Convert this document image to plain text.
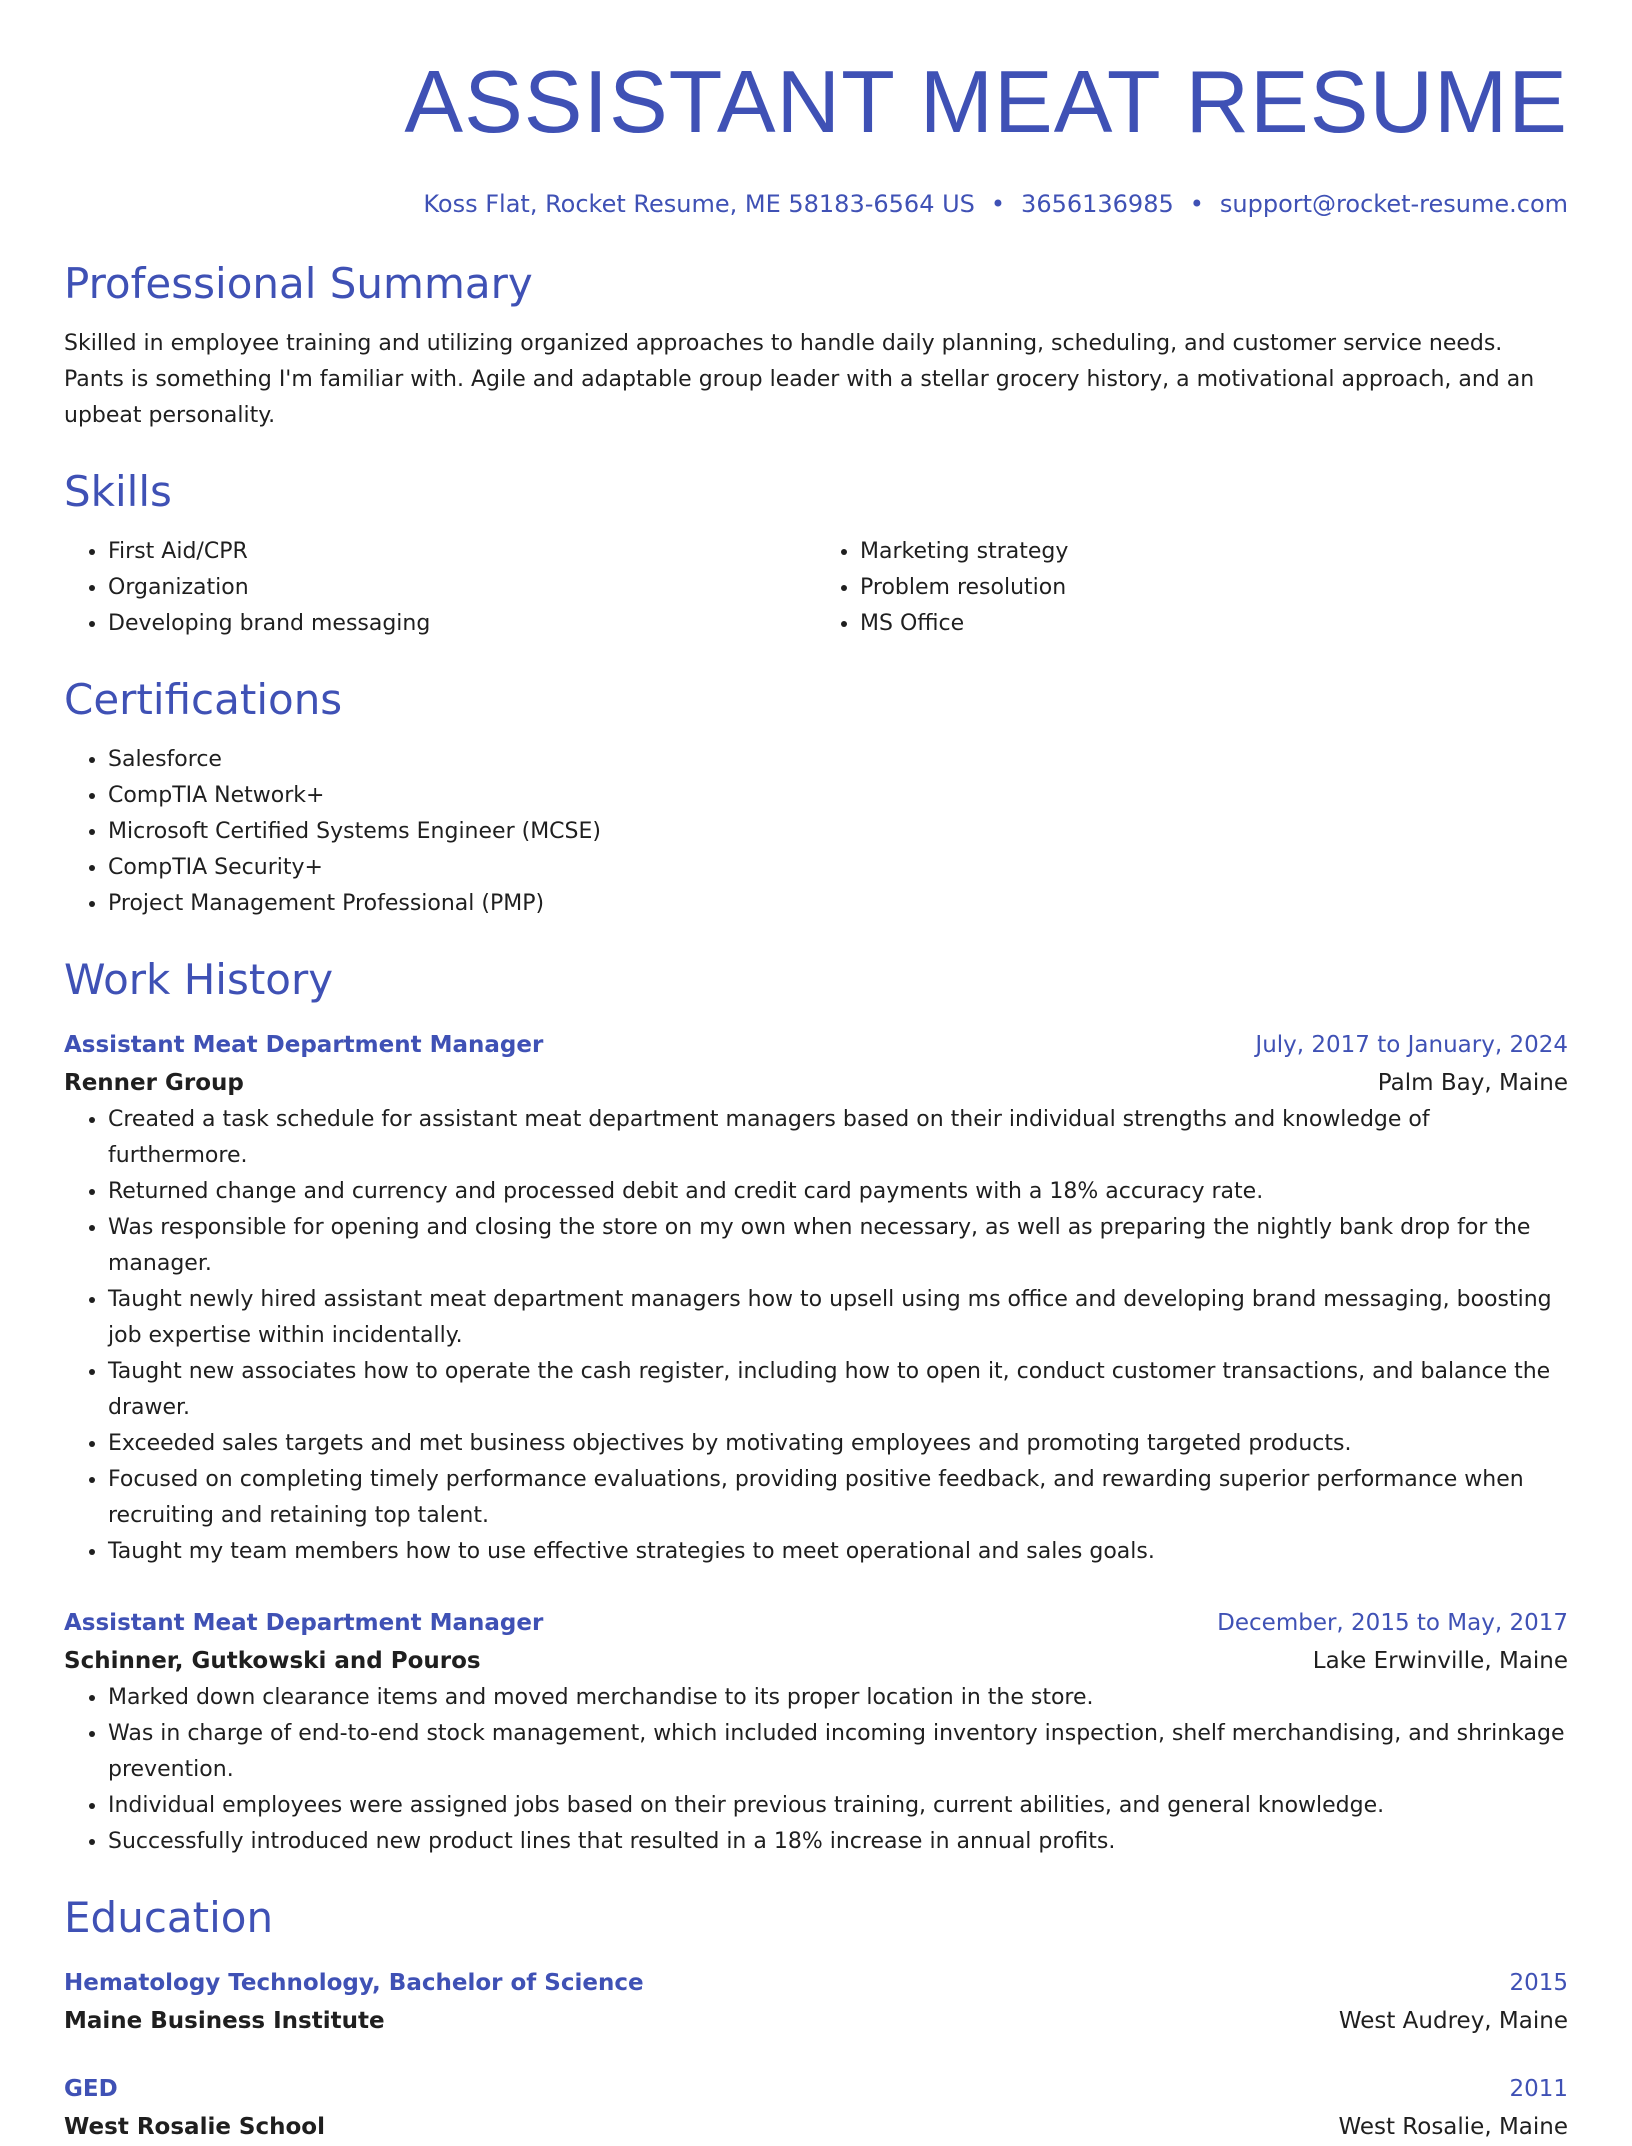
ASSISTANT MEAT RESUME
Koss Flat, Rocket Resume, ME 58183-6564 US • 3656136985 • support@rocket-resume.com
Professional Summary

Skilled in employee training and utilizing organized approaches to handle daily planning, scheduling, and customer service needs. Pants is something I'm familiar with. Agile and adaptable group leader with a stellar grocery history, a motivational approach, and an upbeat personality.

Skills
• First Aid/CPR
• Organization
• Developing brand messaging
• Marketing strategy
• Problem resolution
• MS Office
Certifications
• Salesforce
• CompTIA Network+
• Microsoft Certified Systems Engineer (MCSE)
• CompTIA Security+
• Project Management Professional (PMP)
Work History
Assistant Meat Department Manager	July, 2017 to January, 2024
Renner Group	Palm Bay, Maine
• Created a task schedule for assistant meat department managers based on their individual strengths and knowledge of furthermore.
• Returned change and currency and processed debit and credit card payments with a 18% accuracy rate.
• Was responsible for opening and closing the store on my own when necessary, as well as preparing the nightly bank drop for the manager.
• Taught newly hired assistant meat department managers how to upsell using ms office and developing brand messaging, boosting job expertise within incidentally.
• Taught new associates how to operate the cash register, including how to open it, conduct customer transactions, and balance the drawer.
• Exceeded sales targets and met business objectives by motivating employees and promoting targeted products.
• Focused on completing timely performance evaluations, providing positive feedback, and rewarding superior performance when recruiting and retaining top talent.
• Taught my team members how to use effective strategies to meet operational and sales goals.
Assistant Meat Department Manager	December, 2015 to May, 2017
Schinner, Gutkowski and Pouros	Lake Erwinville, Maine
• Marked down clearance items and moved merchandise to its proper location in the store.
• Was in charge of end-to-end stock management, which included incoming inventory inspection, shelf merchandising, and shrinkage prevention.
• Individual employees were assigned jobs based on their previous training, current abilities, and general knowledge.
• Successfully introduced new product lines that resulted in a 18% increase in annual profits.
Education
Hematology Technology, Bachelor of Science	2015
Maine Business Institute	West Audrey, Maine
GED	2011
West Rosalie School	West Rosalie, Maine
